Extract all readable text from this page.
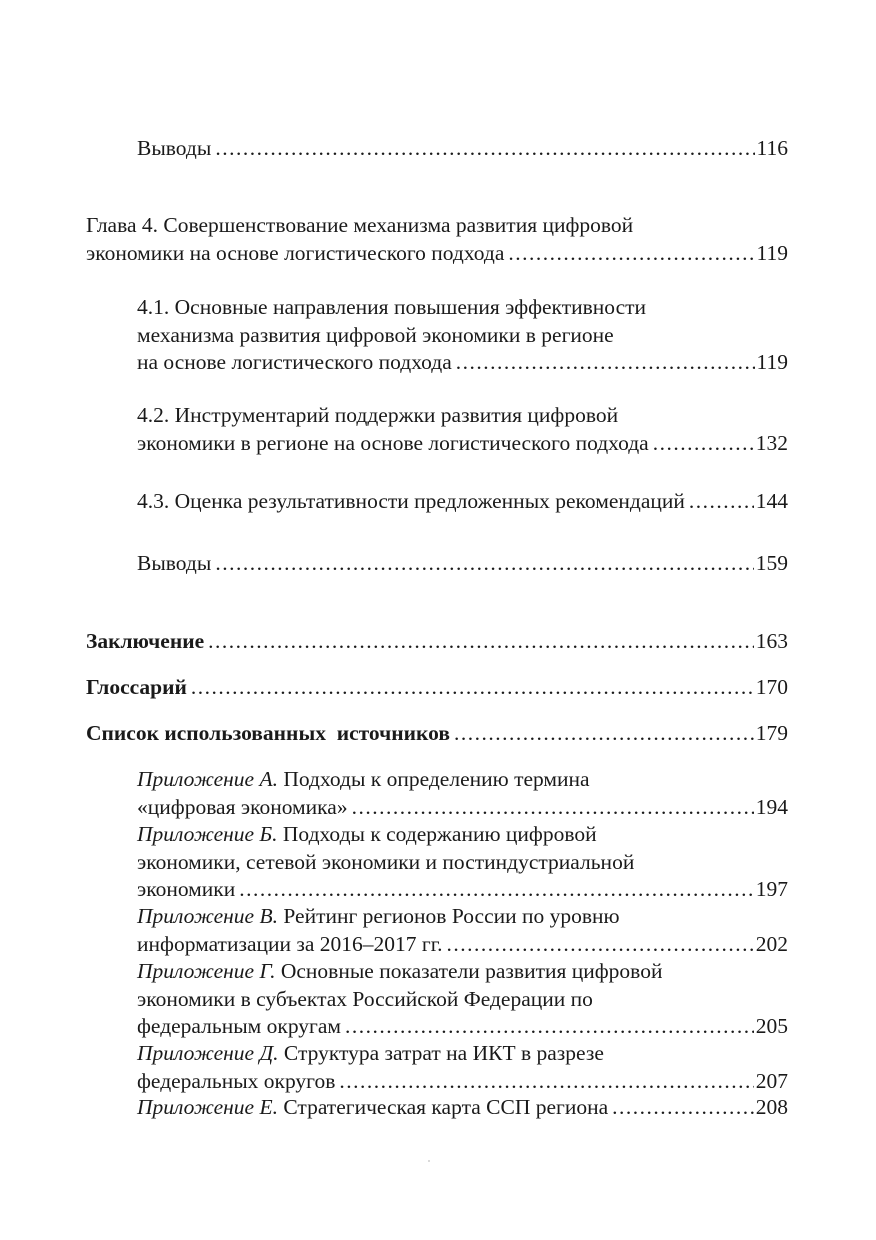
Выводы .....	116
Глава 4. Совершенствование механизма развития цифровой
экономики на основе логистического подхода .....	119
4.1. Основные направления повышения эффективности
механизма развития цифровой экономики в регионе
на основе логистического подхода .....	119
4.2. Инструментарий поддержки развития цифровой
экономики в регионе на основе логистического подхода .....	132
4.3. Оценка результативности предложенных рекомендаций .....	144
Выводы .....	159
Заключение .....	163
Глоссарий .....	170
Список использованных  источников .....	179
Приложение А. Подходы к определению термина
«цифровая экономика» .....	194
Приложение Б. Подходы к содержанию цифровой
экономики, сетевой экономики и постиндустриальной
экономики .....	197
Приложение В. Рейтинг регионов России по уровню
информатизации за 2016–2017 гг. .....	202
Приложение Г. Основные показатели развития цифровой
экономики в субъектах Российской Федерации по
федеральным округам .....	205
Приложение Д. Структура затрат на ИКТ в разрезе
федеральных округов .....	207
Приложение Е. Стратегическая карта ССП региона .....	208
